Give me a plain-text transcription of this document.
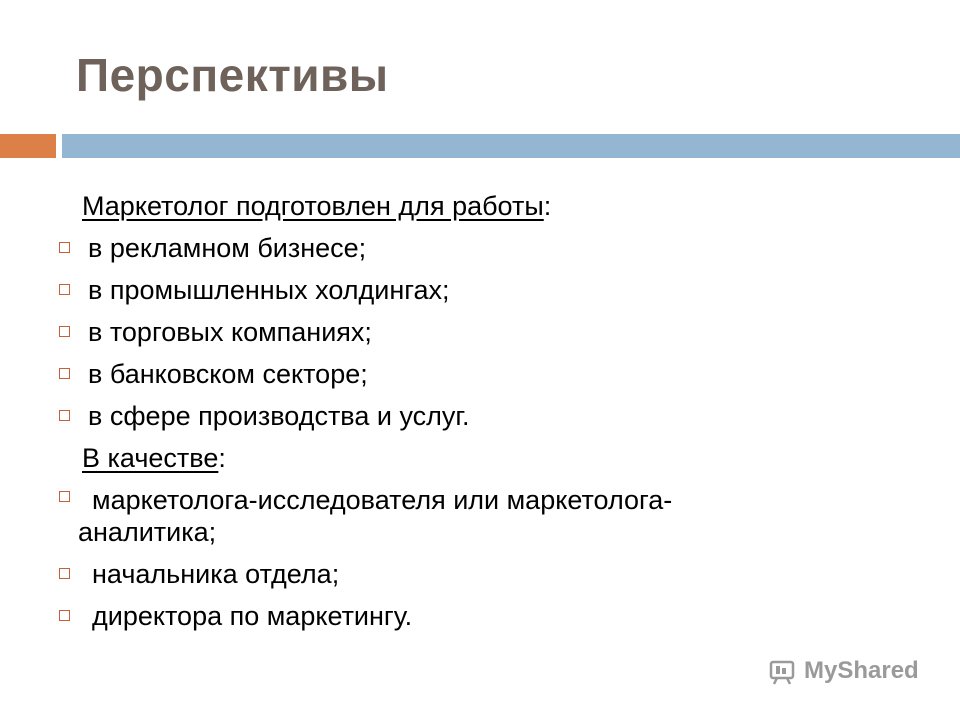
Перспективы
Маркетолог подготовлен для работы:
в рекламном бизнесе;
в промышленных холдингах;
в торговых компаниях;
в банковском секторе;
в сфере производства и услуг.
В качестве:
маркетолога-исследователя или маркетолога-
аналитика;
начальника отдела;
директора по маркетингу.
MyShared
